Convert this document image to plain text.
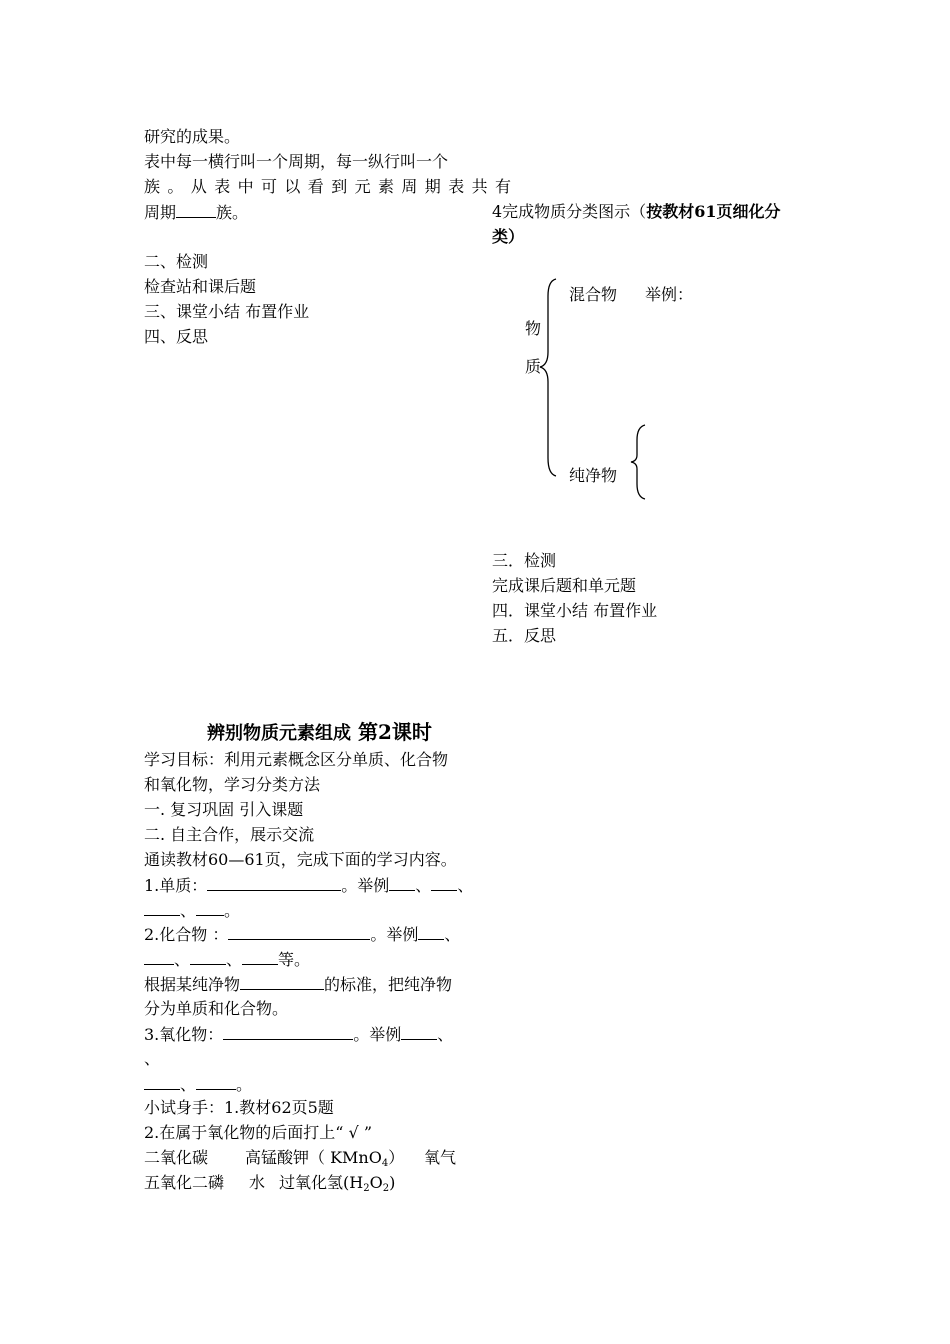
研究的成果。
表中每一横行叫一个周期，每一纵行叫一个
族。从表中可以看到元素周期表共有
周期	族。
二、检测
检查站和课后题
三、课堂小结 布置作业
四、反思
4完成物质分类图示（按教材61页细化分
类）
物
质
混合物 举例：
纯净物
三．检测
完成课后题和单元题
四．课堂小结 布置作业
五．反思
辨别物质元素组成 第2课时
学习目标：利用元素概念区分单质、化合物
和氧化物，学习分类方法
一. 复习巩固 引入课题
二. 自主合作，展示交流
通读教材60—61页，完成下面的学习内容。
1.单质：	。举例 、 、
、 。
2.化合物 ：	。举例 、
、 、 等。
根据某纯净物	的标准，把纯净物
分为单质和化合物。
3.氧化物：	。举例 、
、
、	。
小试身手：1.教材62页5题
2.在属于氧化物的后面打上“ √ ”
二氧化碳 高锰酸钾（ KMnO$_4$） 氧气
五氧化二磷 水 过氧化氢$(H_2O_2)$
